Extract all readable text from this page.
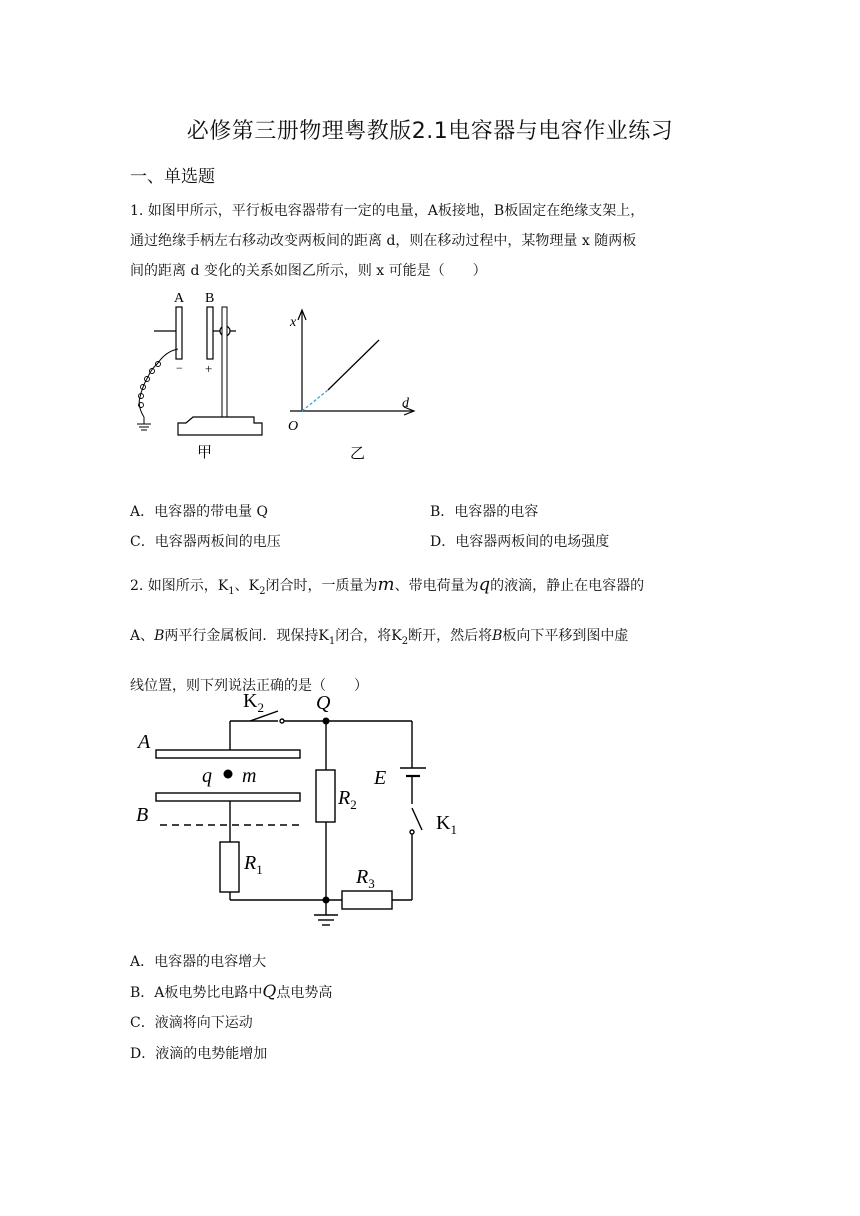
必修第三册物理粤教版2.1电容器与电容作业练习
一、单选题
1. 如图甲所示，平行板电容器带有一定的电量，A板接地，B板固定在绝缘支架上，
通过绝缘手柄左右移动改变两板间的距离 d，则在移动过程中，某物理量 x 随两板
间的距离 d 变化的关系如图乙所示，则 x 可能是（　　）
A B
− +
甲
x
d
O
乙
A．电容器的带电量 Q	B．电容器的电容
C．电容器两板间的电压	D．电容器两板间的电场强度
2. 如图所示，$K_1$、$K_2$闭合时，一质量为m、带电荷量为q的液滴，静止在电容器的
A、B两平行金属板间．现保持$K_1$闭合，将$K_2$断开，然后将B板向下平移到图中虚
线位置，则下列说法正确的是（　　）
$K_2$	Q
A
q m
B
E
$R_2$
$K_1$
$R_1$	$R_3$
A．电容器的电容增大
B．A板电势比电路中Q点电势高
C．液滴将向下运动
D．液滴的电势能增加
